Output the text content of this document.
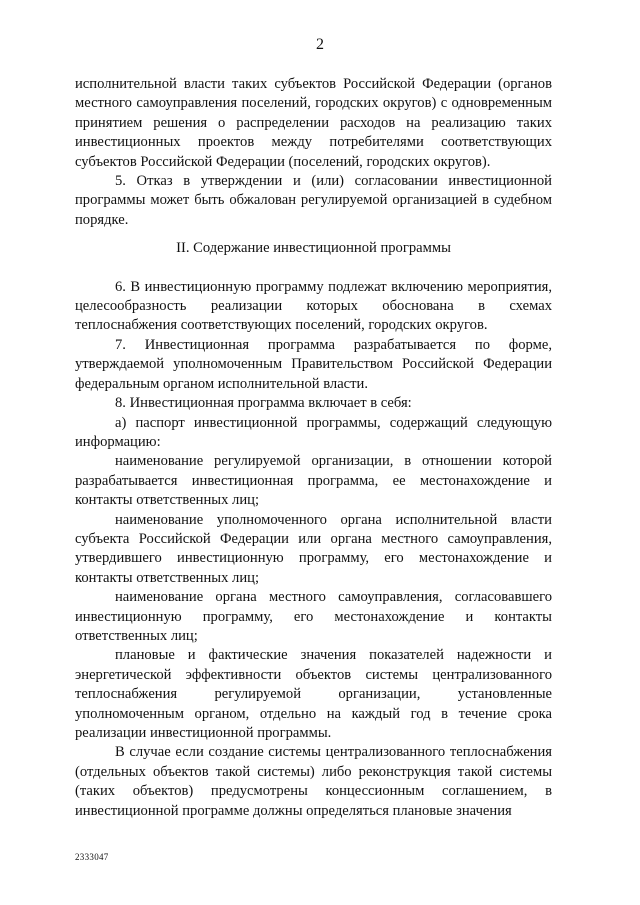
2

исполнительной власти таких субъектов Российской Федерации (органов местного самоуправления поселений, городских округов) с одновременным принятием решения о распределении расходов на реализацию таких инвестиционных проектов между потребителями соответствующих субъектов Российской Федерации (поселений, городских округов).

5. Отказ в утверждении и (или) согласовании инвестиционной программы может быть обжалован регулируемой организацией в судебном порядке.

II. Содержание инвестиционной программы

6. В инвестиционную программу подлежат включению мероприятия, целесообразность реализации которых обоснована в схемах теплоснабжения соответствующих поселений, городских округов.

7. Инвестиционная программа разрабатывается по форме, утверждаемой уполномоченным Правительством Российской Федерации федеральным органом исполнительной власти.

8. Инвестиционная программа включает в себя:

а) паспорт инвестиционной программы, содержащий следующую информацию:

наименование регулируемой организации, в отношении которой разрабатывается инвестиционная программа, ее местонахождение и контакты ответственных лиц;

наименование уполномоченного органа исполнительной власти субъекта Российской Федерации или органа местного самоуправления, утвердившего инвестиционную программу, его местонахождение и контакты ответственных лиц;

наименование органа местного самоуправления, согласовавшего инвестиционную программу, его местонахождение и контакты ответственных лиц;

плановые и фактические значения показателей надежности и энергетической эффективности объектов системы централизованного теплоснабжения регулируемой организации, установленные уполномоченным органом, отдельно на каждый год в течение срока реализации инвестиционной программы.

В случае если создание системы централизованного теплоснабжения (отдельных объектов такой системы) либо реконструкция такой системы (таких объектов) предусмотрены концессионным соглашением, в инвестиционной программе должны определяться плановые значения

2333047
